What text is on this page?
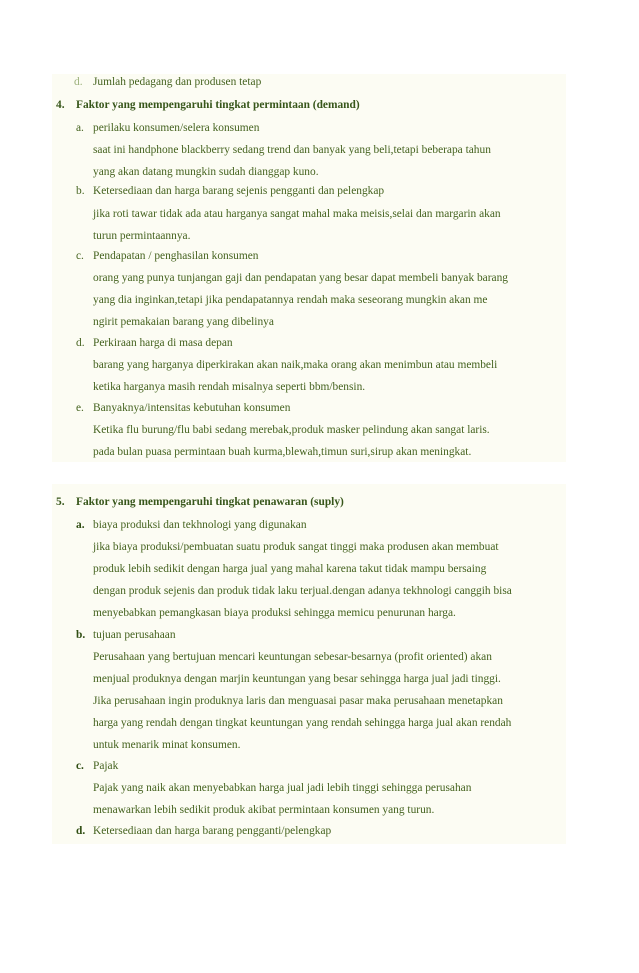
d. Jumlah pedagang dan produsen tetap
4. Faktor yang mempengaruhi tingkat permintaan (demand)
a. perilaku konsumen/selera konsumen
saat ini handphone blackberry sedang trend dan banyak yang beli,tetapi beberapa tahun
yang akan datang mungkin sudah dianggap kuno.
b. Ketersediaan dan harga barang sejenis pengganti dan pelengkap
jika roti tawar tidak ada atau harganya sangat mahal maka meisis,selai dan margarin akan
turun permintaannya.
c. Pendapatan / penghasilan konsumen
orang yang punya tunjangan gaji dan pendapatan yang besar dapat membeli banyak barang
yang dia inginkan,tetapi jika pendapatannya rendah maka seseorang mungkin akan me
ngirit pemakaian barang yang dibelinya
d. Perkiraan harga di masa depan
barang yang harganya diperkirakan akan naik,maka orang akan menimbun atau membeli
ketika harganya masih rendah misalnya seperti bbm/bensin.
e. Banyaknya/intensitas kebutuhan konsumen
Ketika flu burung/flu babi sedang merebak,produk masker pelindung akan sangat laris.
pada bulan puasa permintaan buah kurma,blewah,timun suri,sirup akan meningkat.
5. Faktor yang mempengaruhi tingkat penawaran (suply)
a. biaya produksi dan tekhnologi yang digunakan
jika biaya produksi/pembuatan suatu produk sangat tinggi maka produsen akan membuat
produk lebih sedikit dengan harga jual yang mahal karena takut tidak mampu bersaing
dengan produk sejenis dan produk tidak laku terjual.dengan adanya tekhnologi canggih bisa
menyebabkan pemangkasan biaya produksi sehingga memicu penurunan harga.
b. tujuan perusahaan
Perusahaan yang bertujuan mencari keuntungan sebesar-besarnya (profit oriented) akan
menjual produknya dengan marjin keuntungan yang besar sehingga harga jual jadi tinggi.
Jika perusahaan ingin produknya laris dan menguasai pasar maka perusahaan menetapkan
harga yang rendah dengan tingkat keuntungan yang rendah sehingga harga jual akan rendah
untuk menarik minat konsumen.
c. Pajak
Pajak yang naik akan menyebabkan harga jual jadi lebih tinggi sehingga perusahan
menawarkan lebih sedikit produk akibat permintaan konsumen yang turun.
d. Ketersediaan dan harga barang pengganti/pelengkap
